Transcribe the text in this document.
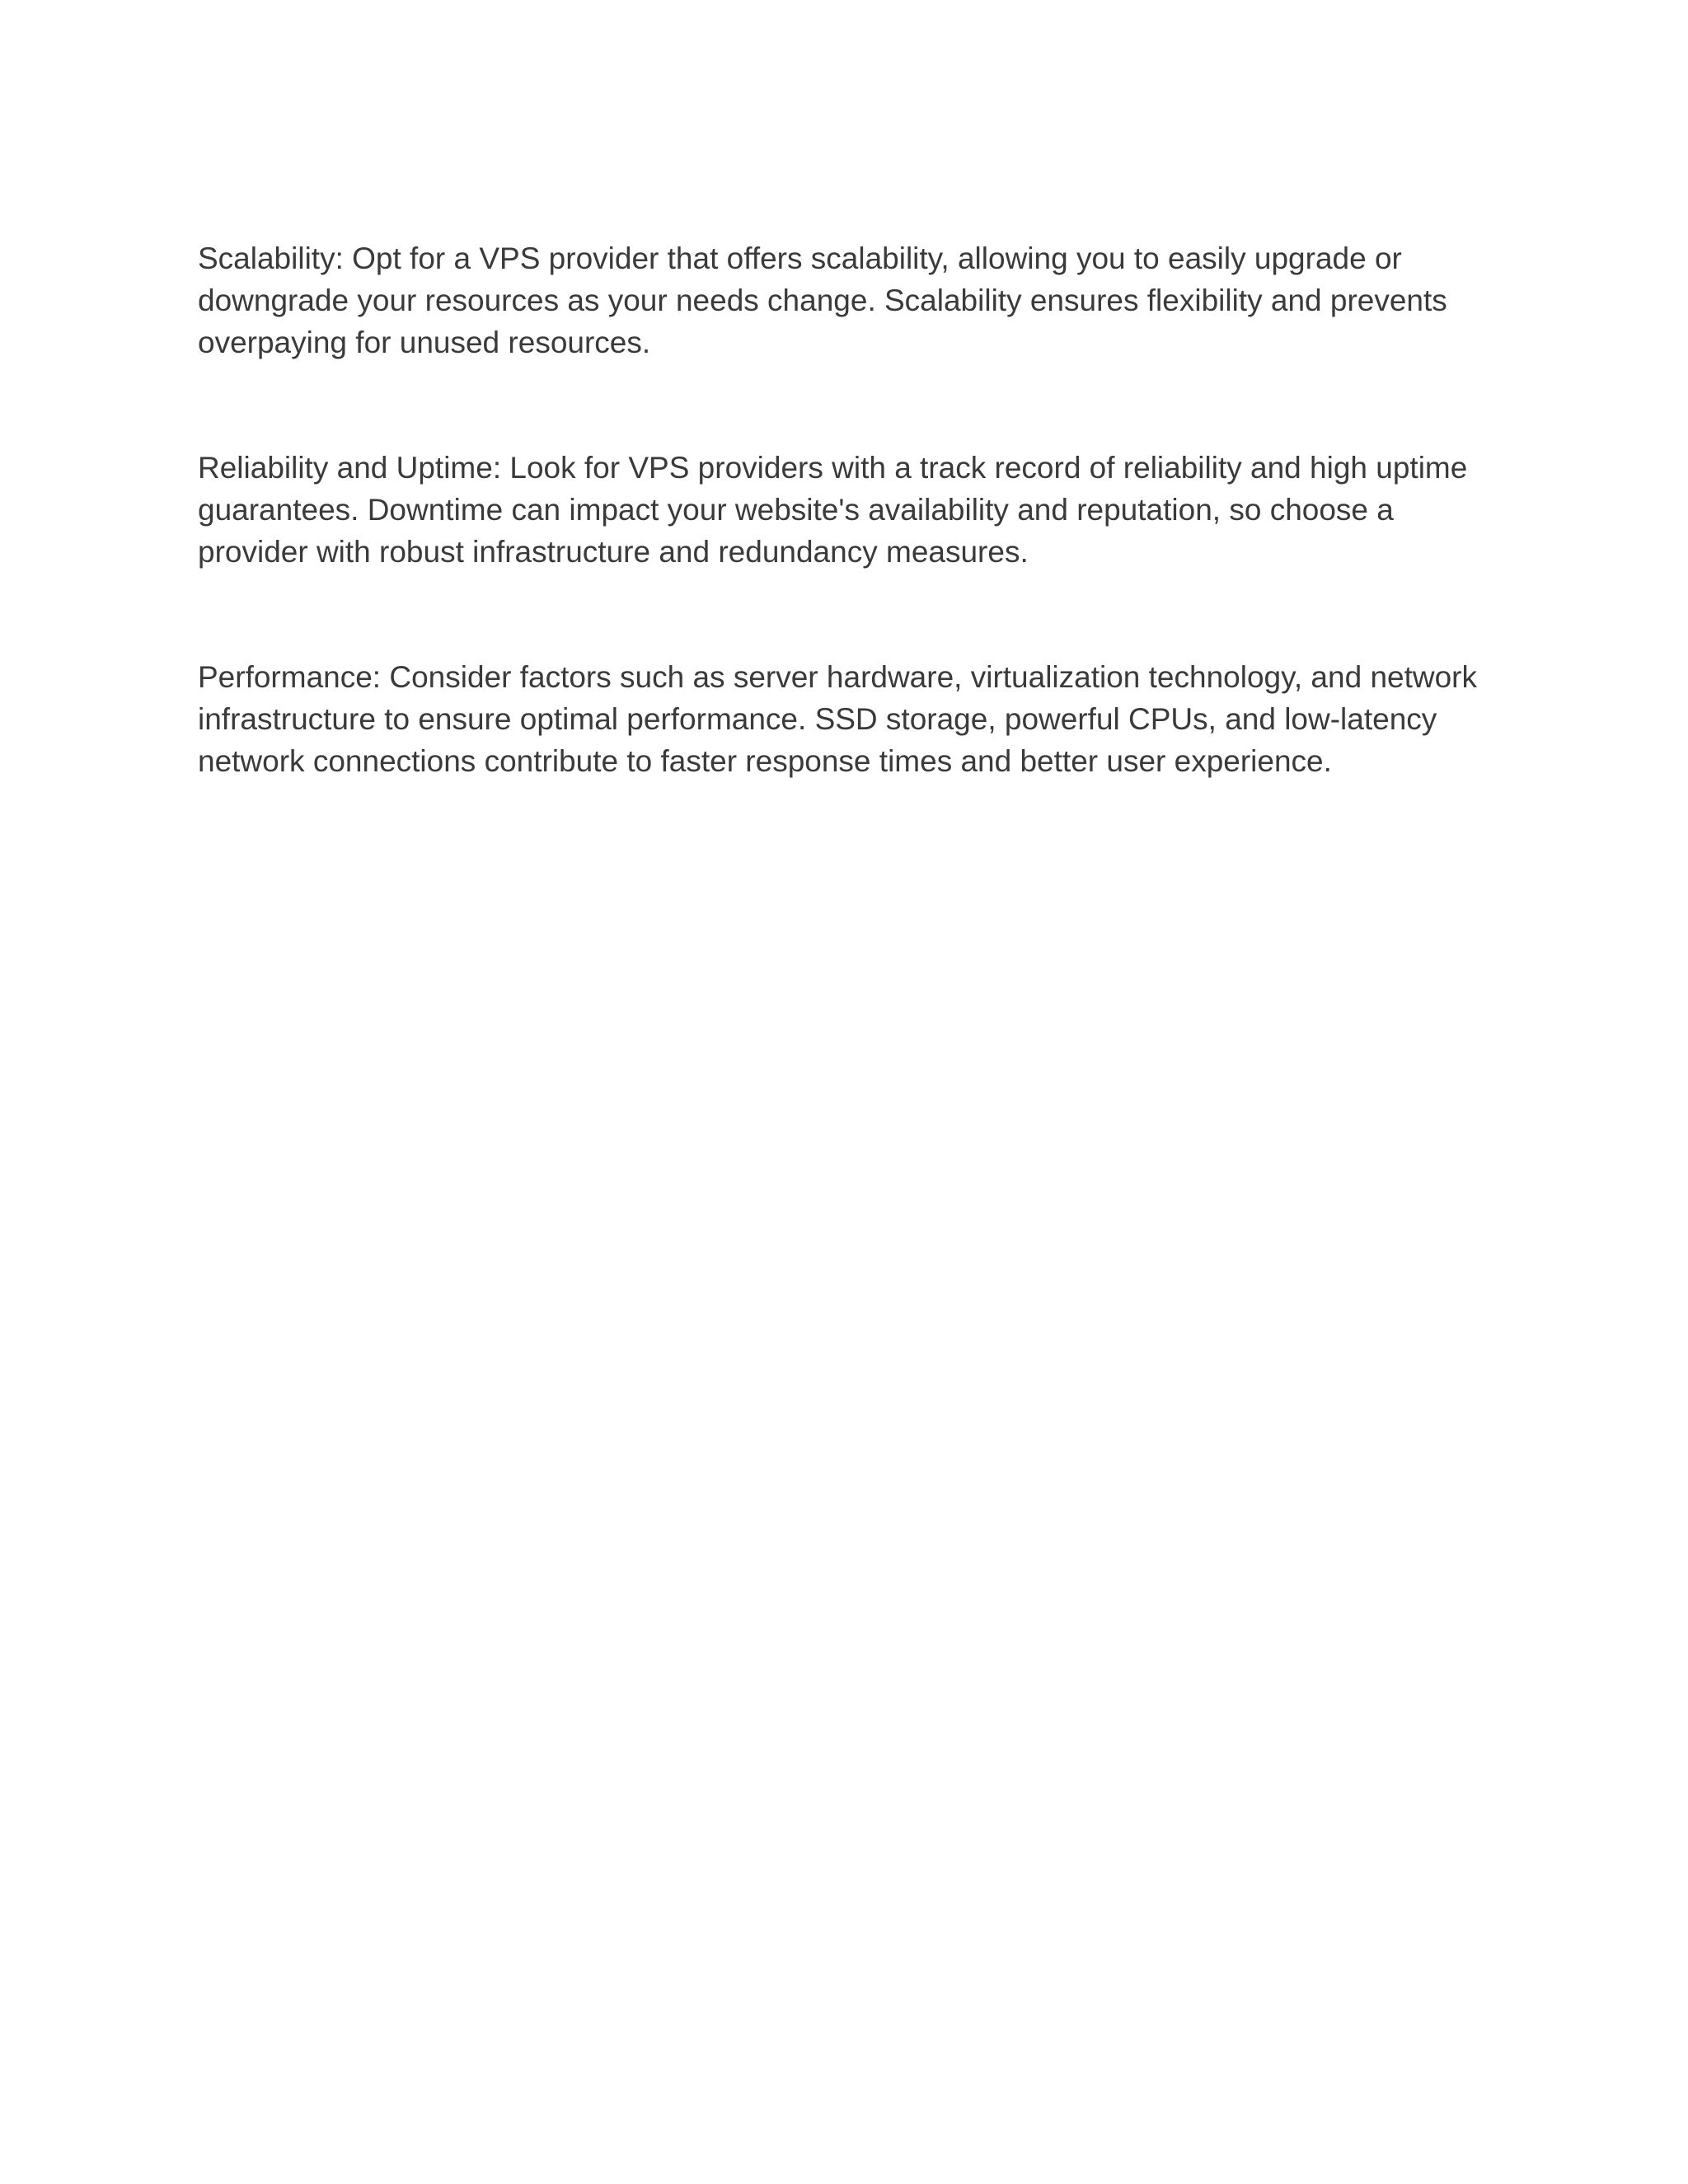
Scalability: Opt for a VPS provider that offers scalability, allowing you to easily upgrade or downgrade your resources as your needs change. Scalability ensures flexibility and prevents overpaying for unused resources.

Reliability and Uptime: Look for VPS providers with a track record of reliability and high uptime guarantees. Downtime can impact your website's availability and reputation, so choose a provider with robust infrastructure and redundancy measures.

Performance: Consider factors such as server hardware, virtualization technology, and network infrastructure to ensure optimal performance. SSD storage, powerful CPUs, and low-latency network connections contribute to faster response times and better user experience.
